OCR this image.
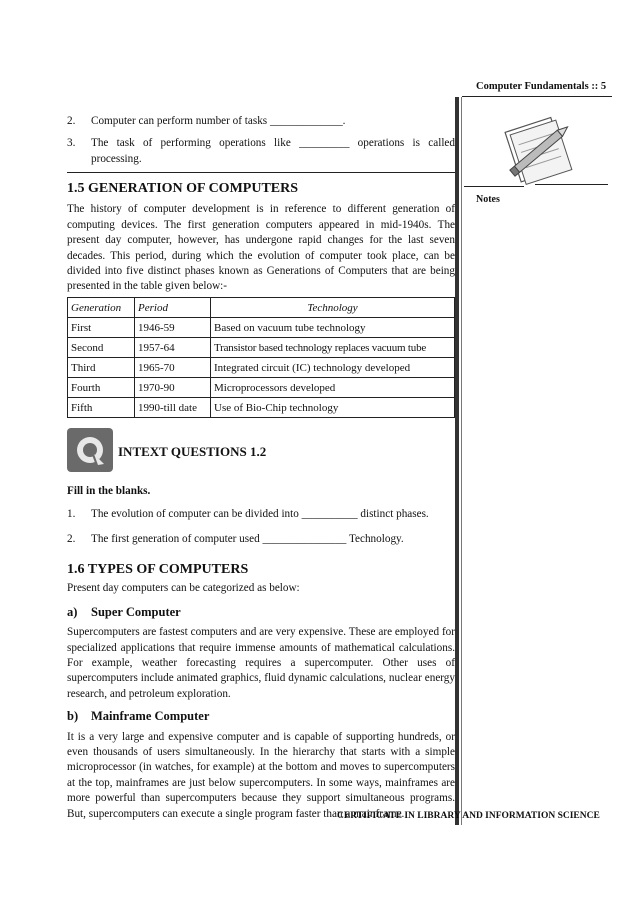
Computer Fundamentals :: 5
Notes
2.	Computer can perform number of tasks _____________.
3.	The task of performing operations like _________ operations is called processing.
1.5 GENERATION OF COMPUTERS
The history of computer development is in reference to different generation of computing devices. The first generation computers appeared in mid-1940s. The present day computer, however, has undergone rapid changes for the last seven decades. This period, during which the evolution of computer took place, can be divided into five distinct phases known as Generations of Computers that are being presented in the table given below:-
Generation	Period	Technology
First	1946-59	Based on vacuum tube technology
Second	1957-64	Transistor based technology replaces vacuum tube
Third	1965-70	Integrated circuit (IC) technology developed
Fourth	1970-90	Microprocessors developed
Fifth	1990-till date	Use of Bio-Chip technology
INTEXT QUESTIONS 1.2
Fill in the blanks.
1.	The evolution of computer can be divided into __________ distinct phases.
2.	The first generation of computer used _______________ Technology.
1.6 TYPES OF COMPUTERS
Present day computers can be categorized as below:
a) Super Computer
Supercomputers are fastest computers and are very expensive. These are employed for specialized applications that require immense amounts of mathematical calculations. For example, weather forecasting requires a supercomputer. Other uses of supercomputers include animated graphics, fluid dynamic calculations, nuclear energy research, and petroleum exploration.
b) Mainframe Computer
It is a very large and expensive computer and is capable of supporting hundreds, or even thousands of users simultaneously. In the hierarchy that starts with a simple microprocessor (in watches, for example) at the bottom and moves to supercomputers at the top, mainframes are just below supercomputers. In some ways, mainframes are more powerful than supercomputers because they support simultaneous programs. But, supercomputers can execute a single program faster than a mainframe.
CERTIFICATE IN LIBRARY AND INFORMATION SCIENCE
